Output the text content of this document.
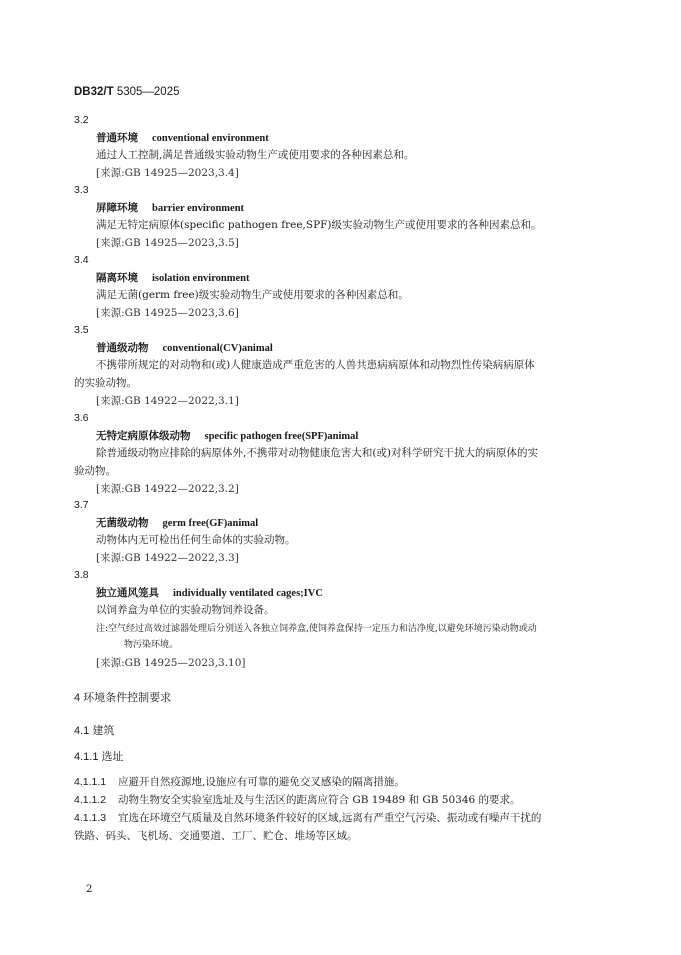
DB32/T 5305—2025
3.2
普通环境 conventional environment
通过人工控制,满足普通级实验动物生产或使用要求的各种因素总和。
[来源:GB 14925—2023,3.4]
3.3
屏障环境 barrier environment
满足无特定病原体(specific pathogen free,SPF)级实验动物生产或使用要求的各种因素总和。
[来源:GB 14925—2023,3.5]
3.4
隔离环境 isolation environment
满足无菌(germ free)级实验动物生产或使用要求的各种因素总和。
[来源:GB 14925—2023,3.6]
3.5
普通级动物 conventional(CV)animal
不携带所规定的对动物和(或)人健康造成严重危害的人兽共患病病原体和动物烈性传染病病原体
的实验动物。
[来源:GB 14922—2022,3.1]
3.6
无特定病原体级动物 specific pathogen free(SPF)animal
除普通级动物应排除的病原体外,不携带对动物健康危害大和(或)对科学研究干扰大的病原体的实
验动物。
[来源:GB 14922—2022,3.2]
3.7
无菌级动物 germ free(GF)animal
动物体内无可检出任何生命体的实验动物。
[来源:GB 14922—2022,3.3]
3.8
独立通风笼具 individually ventilated cages;IVC
以饲养盒为单位的实验动物饲养设备。
注:空气经过高效过滤器处理后分别送入各独立饲养盒,使饲养盒保持一定压力和洁净度,以避免环境污染动物或动
物污染环境。
[来源:GB 14925—2023,3.10]
4 环境条件控制要求
4.1 建筑
4.1.1 选址
4.1.1.1 应避开自然疫源地,设施应有可靠的避免交叉感染的隔离措施。
4.1.1.2 动物生物安全实验室选址及与生活区的距离应符合 GB 19489 和 GB 50346 的要求。
4.1.1.3 宜选在环境空气质量及自然环境条件较好的区域,远离有严重空气污染、振动或有噪声干扰的
铁路、码头、飞机场、交通要道、工厂、贮仓、堆场等区域。
2
